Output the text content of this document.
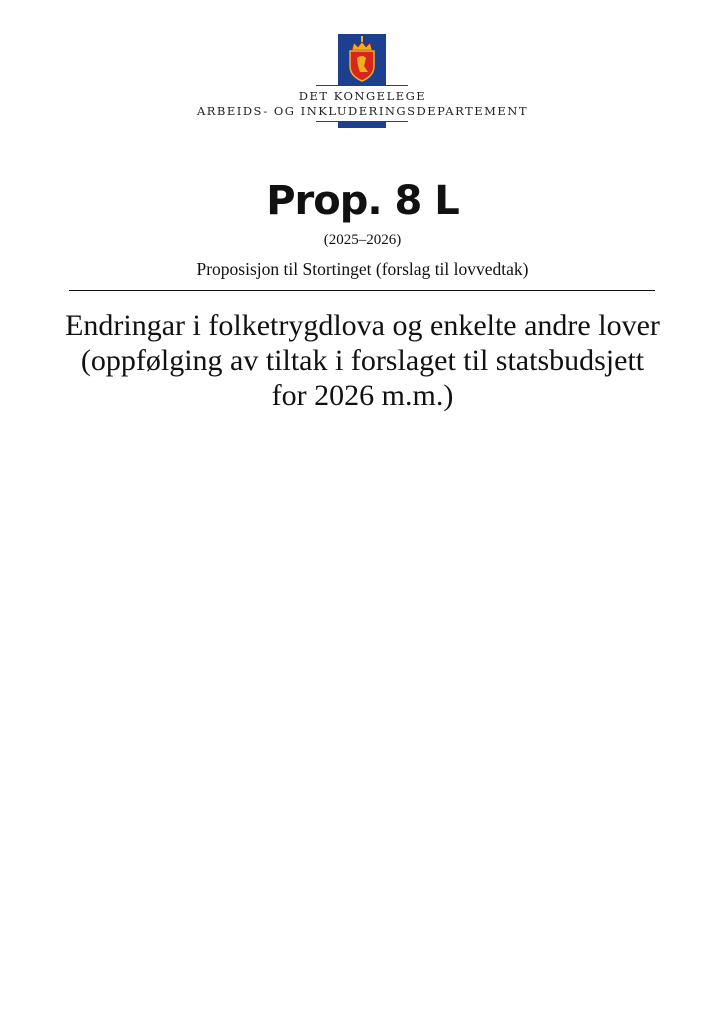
DET KONGELEGE
ARBEIDS- OG INKLUDERINGSDEPARTEMENT
Prop. 8 L
(2025–2026)
Proposisjon til Stortinget (forslag til lovvedtak)
Endringar i folketrygdlova og enkelte andre lover (oppfølging av tiltak i forslaget til statsbudsjett for 2026 m.m.)
